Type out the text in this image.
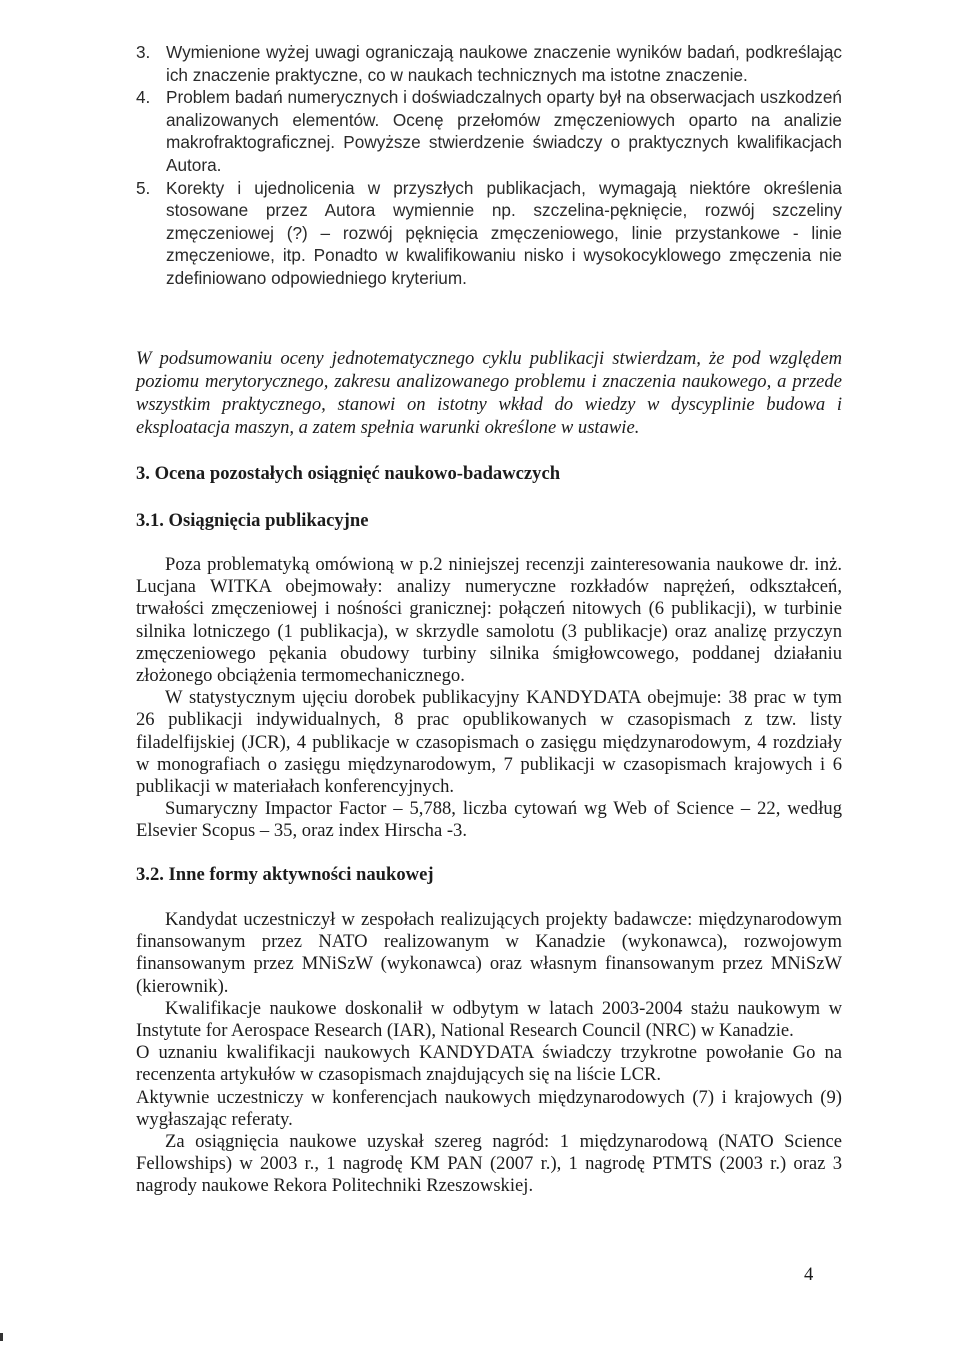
3. Wymienione wyżej uwagi ograniczają naukowe znaczenie wyników badań, podkreślając ich znaczenie praktyczne, co w naukach technicznych ma istotne znaczenie.
4. Problem badań numerycznych i doświadczalnych oparty był na obserwacjach uszkodzeń analizowanych elementów. Ocenę przełomów zmęczeniowych oparto na analizie makrofraktograficznej. Powyższe stwierdzenie świadczy o praktycznych kwalifikacjach Autora.
5. Korekty i ujednolicenia w przyszłych publikacjach, wymagają niektóre określenia stosowane przez Autora wymiennie np. szczelina-pęknięcie, rozwój szczeliny zmęczeniowej (?) – rozwój pęknięcia zmęczeniowego, linie przystankowe - linie zmęczeniowe, itp. Ponadto w kwalifikowaniu nisko i wysokocyklowego zmęczenia nie zdefiniowano odpowiedniego kryterium.

W podsumowaniu oceny jednotematycznego cyklu publikacji stwierdzam, że pod względem poziomu merytorycznego, zakresu analizowanego problemu i znaczenia naukowego, a przede wszystkim praktycznego, stanowi on istotny wkład do wiedzy w dyscyplinie budowa i eksploatacja maszyn, a zatem spełnia warunki określone w ustawie.

3. Ocena pozostałych osiągnięć naukowo-badawczych
3.1. Osiągnięcia publikacyjne

Poza problematyką omówioną w p.2 niniejszej recenzji zainteresowania naukowe dr. inż. Lucjana WITKA obejmowały: analizy numeryczne rozkładów naprężeń, odkształceń, trwałości zmęczeniowej i nośności granicznej: połączeń nitowych (6 publikacji), w turbinie silnika lotniczego (1 publikacja), w skrzydle samolotu (3 publikacje) oraz analizę przyczyn zmęczeniowego pękania obudowy turbiny silnika śmigłowcowego, poddanej działaniu złożonego obciążenia termomechanicznego.

W statystycznym ujęciu dorobek publikacyjny KANDYDATA obejmuje: 38 prac w tym 26 publikacji indywidualnych, 8 prac opublikowanych w czasopismach z tzw. listy filadelfijskiej (JCR), 4 publikacje w czasopismach o zasięgu międzynarodowym, 4 rozdziały w monografiach o zasięgu międzynarodowym, 7 publikacji w czasopismach krajowych i 6 publikacji w materiałach konferencyjnych.

Sumaryczny Impactor Factor – 5,788, liczba cytowań wg Web of Science – 22, według Elsevier Scopus – 35, oraz index Hirscha -3.

3.2. Inne formy aktywności naukowej

Kandydat uczestniczył w zespołach realizujących projekty badawcze: międzynarodowym finansowanym przez NATO realizowanym w Kanadzie (wykonawca), rozwojowym finansowanym przez MNiSzW (wykonawca) oraz własnym finansowanym przez MNiSzW (kierownik).

Kwalifikacje naukowe doskonalił w odbytym w latach 2003-2004 stażu naukowym w Instytute for Aerospace Research (IAR), National Research Council (NRC) w Kanadzie.

O uznaniu kwalifikacji naukowych KANDYDATA świadczy trzykrotne powołanie Go na recenzenta artykułów w czasopismach znajdujących się na liście LCR.

Aktywnie uczestniczy w konferencjach naukowych międzynarodowych (7) i krajowych (9) wygłaszając referaty.

Za osiągnięcia naukowe uzyskał szereg nagród: 1 międzynarodową (NATO Science Fellowships) w 2003 r., 1 nagrodę KM PAN (2007 r.), 1 nagrodę PTMTS (2003 r.) oraz 3 nagrody naukowe Rekora Politechniki Rzeszowskiej.

4
